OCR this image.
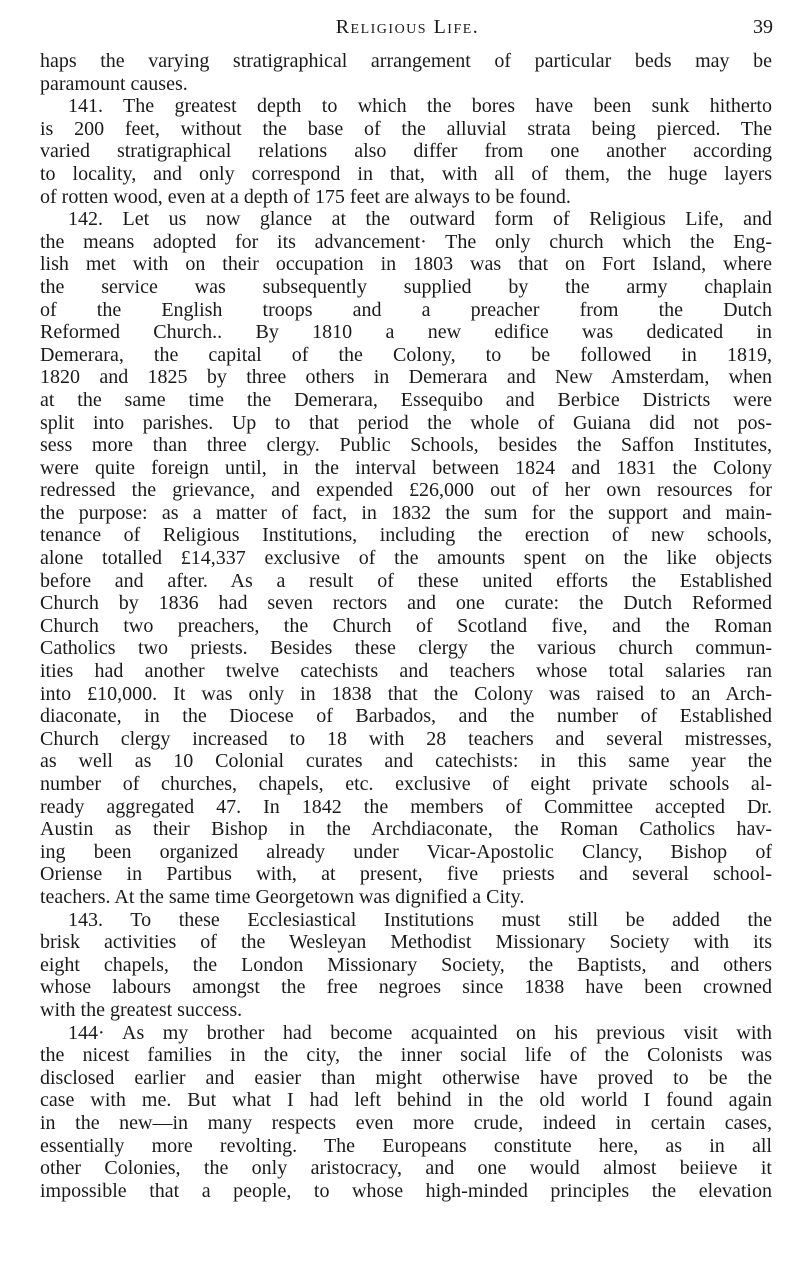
Religious Life.	39
haps the varying stratigraphical arrangement of particular beds may be
paramount causes.
141. The greatest depth to which the bores have been sunk hitherto
is 200 feet, without the base of the alluvial strata being pierced. The
varied stratigraphical relations also differ from one another according
to locality, and only correspond in that, with all of them, the huge layers
of rotten wood, even at a depth of 175 feet are always to be found.
142. Let us now glance at the outward form of Religious Life, and
the means adopted for its advancement· The only church which the Eng-
lish met with on their occupation in 1803 was that on Fort Island, where
the service was subsequently supplied by the army chaplain
of the English troops and a preacher from the Dutch
Reformed Church.. By 1810 a new edifice was dedicated in
Demerara, the capital of the Colony, to be followed in 1819,
1820 and 1825 by three others in Demerara and New Amsterdam, when
at the same time the Demerara, Essequibo and Berbice Districts were
split into parishes. Up to that period the whole of Guiana did not pos-
sess more than three clergy. Public Schools, besides the Saffon Institutes,
were quite foreign until, in the interval between 1824 and 1831 the Colony
redressed the grievance, and expended £26,000 out of her own resources for
the purpose: as a matter of fact, in 1832 the sum for the support and main-
tenance of Religious Institutions, including the erection of new schools,
alone totalled £14,337 exclusive of the amounts spent on the like objects
before and after. As a result of these united efforts the Established
Church by 1836 had seven rectors and one curate: the Dutch Reformed
Church two preachers, the Church of Scotland five, and the Roman
Catholics two priests. Besides these clergy the various church commun-
ities had another twelve catechists and teachers whose total salaries ran
into £10,000. It was only in 1838 that the Colony was raised to an Arch-
diaconate, in the Diocese of Barbados, and the number of Established
Church clergy increased to 18 with 28 teachers and several mistresses,
as well as 10 Colonial curates and catechists: in this same year the
number of churches, chapels, etc. exclusive of eight private schools al-
ready aggregated 47. In 1842 the members of Committee accepted Dr.
Austin as their Bishop in the Archdiaconate, the Roman Catholics hav-
ing been organized already under Vicar-Apostolic Clancy, Bishop of
Oriense in Partibus with, at present, five priests and several school-
teachers. At the same time Georgetown was dignified a City.
143. To these Ecclesiastical Institutions must still be added the
brisk activities of the Wesleyan Methodist Missionary Society with its
eight chapels, the London Missionary Society, the Baptists, and others
whose labours amongst the free negroes since 1838 have been crowned
with the greatest success.
144· As my brother had become acquainted on his previous visit with
the nicest families in the city, the inner social life of the Colonists was
disclosed earlier and easier than might otherwise have proved to be the
case with me. But what I had left behind in the old world I found again
in the new—in many respects even more crude, indeed in certain cases,
essentially more revolting. The Europeans constitute here, as in all
other Colonies, the only aristocracy, and one would almost beiieve it
impossible that a people, to whose high-minded principles the elevation
